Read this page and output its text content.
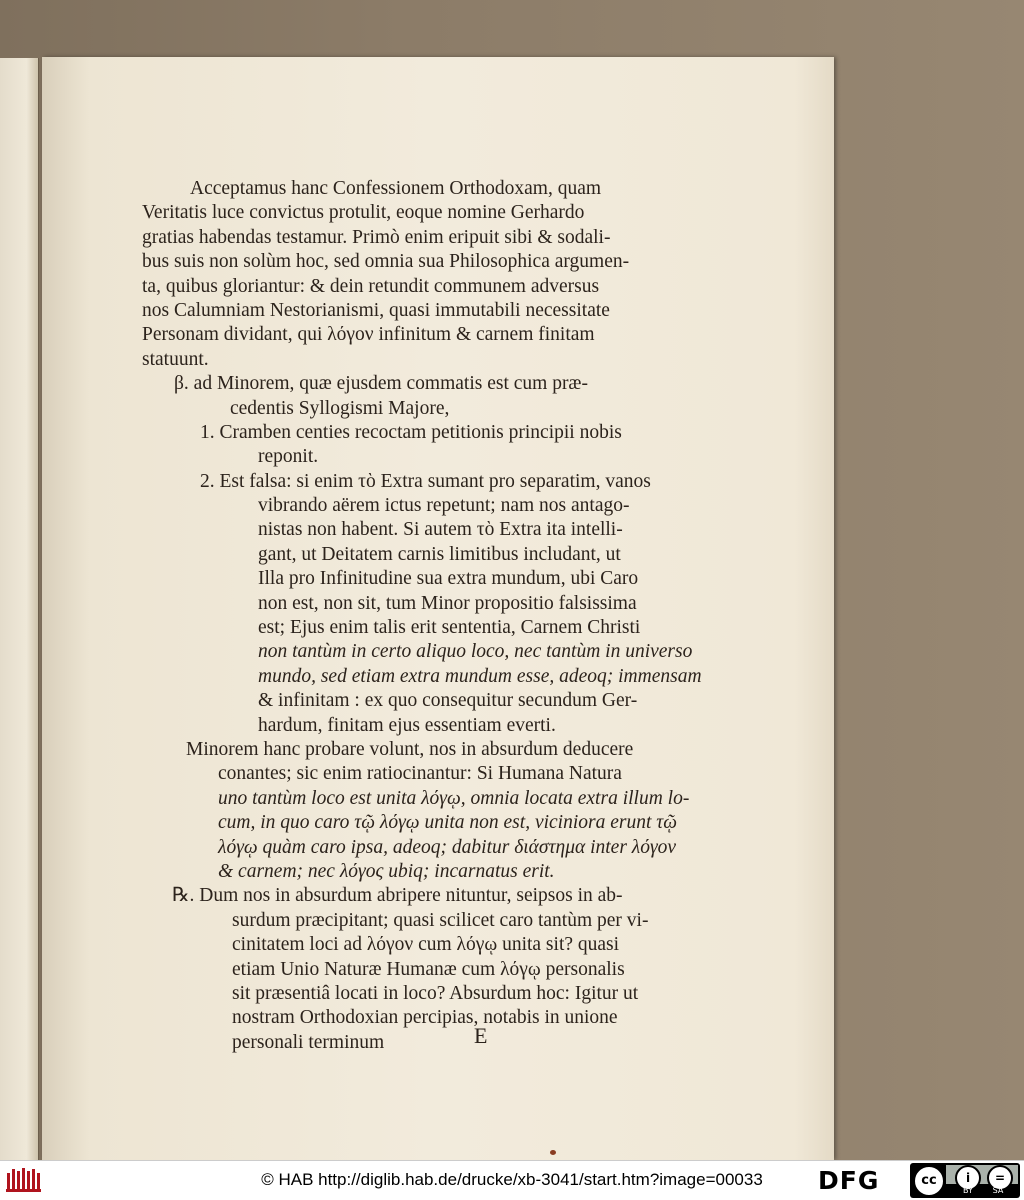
Acceptamus hanc Confessionem Orthodoxam, quam
Veritatis luce convictus protulit, eoque nomine Gerhardo
gratias habendas testamur. Primò enim eripuit sibi & sodali-
bus suis non solùm hoc, sed omnia sua Philosophica argumen-
ta, quibus gloriantur: & dein retundit communem adversus
nos Calumniam Nestorianismi, quasi immutabili necessitate
Personam dividant, qui λόγον infinitum & carnem finitam
statuunt.
β. ad Minorem, quæ ejusdem commatis est cum præ-
cedentis Syllogismi Majore,
1. Cramben centies recoctam petitionis principii nobis
reponit.
2. Est falsa: si enim τὸ Extra sumant pro separatim, vanos
vibrando aërem ictus repetunt; nam nos antago-
nistas non habent. Si autem τὸ Extra ita intelli-
gant, ut Deitatem carnis limitibus includant, ut
Illa pro Infinitudine sua extra mundum, ubi Caro
non est, non sit, tum Minor propositio falsissima
est; Ejus enim talis erit sententia, Carnem Christi
non tantùm in certo aliquo loco, nec tantùm in universo
mundo, sed etiam extra mundum esse, adeoq; immensam
& infinitam : ex quo consequitur secundum Ger-
hardum, finitam ejus essentiam everti.
Minorem hanc probare volunt, nos in absurdum deducere
conantes; sic enim ratiocinantur: Si Humana Natura
uno tantùm loco est unita λόγῳ, omnia locata extra illum lo-
cum, in quo caro τῷ λόγῳ unita non est, viciniora erunt τῷ
λόγῳ quàm caro ipsa, adeoq; dabitur διάστημα inter λόγον
& carnem; nec λόγος ubiq; incarnatus erit.
℞. Dum nos in absurdum abripere nituntur, seipsos in ab-
surdum præcipitant; quasi scilicet caro tantùm per vi-
cinitatem loci ad λόγον cum λόγῳ unita sit? quasi
etiam Unio Naturæ Humanæ cum λόγῳ personalis
sit præsentiâ locati in loco? Absurdum hoc: Igitur ut
nostram Orthodoxian percipias, notabis in unione
personali terminum	E
© HAB http://diglib.hab.de/drucke/xb-3041/start.htm?image=00033	DFG	cc	i	=
BY	SA
